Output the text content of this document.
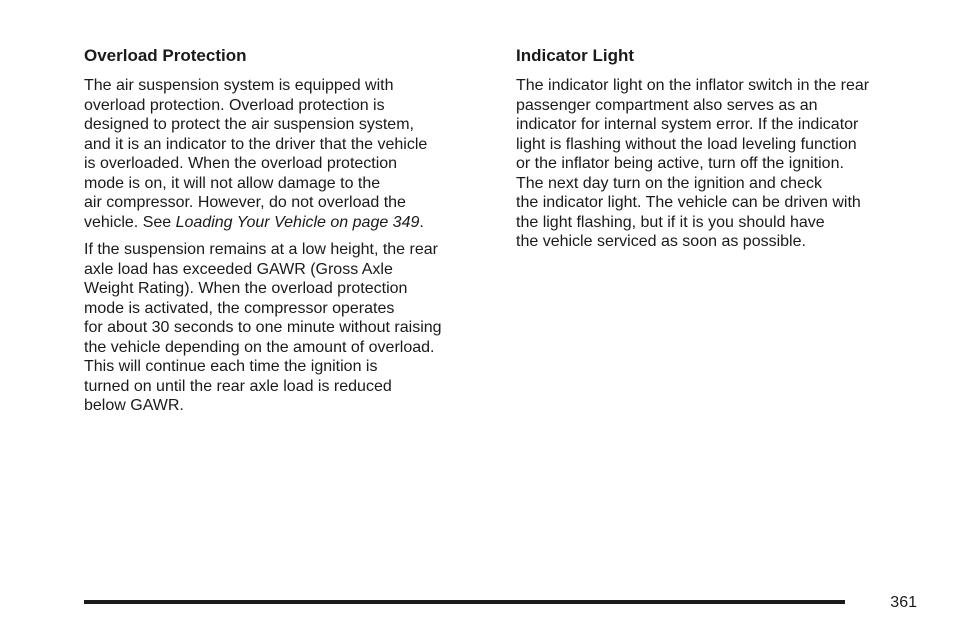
Overload Protection

The air suspension system is equipped with
overload protection. Overload protection is
designed to protect the air suspension system,
and it is an indicator to the driver that the vehicle
is overloaded. When the overload protection
mode is on, it will not allow damage to the
air compressor. However, do not overload the
vehicle. See Loading Your Vehicle on page 349.

If the suspension remains at a low height, the rear
axle load has exceeded GAWR (Gross Axle
Weight Rating). When the overload protection
mode is activated, the compressor operates
for about 30 seconds to one minute without raising
the vehicle depending on the amount of overload.
This will continue each time the ignition is
turned on until the rear axle load is reduced
below GAWR.

Indicator Light

The indicator light on the inflator switch in the rear
passenger compartment also serves as an
indicator for internal system error. If the indicator
light is flashing without the load leveling function
or the inflator being active, turn off the ignition.
The next day turn on the ignition and check
the indicator light. The vehicle can be driven with
the light flashing, but if it is you should have
the vehicle serviced as soon as possible.

361
